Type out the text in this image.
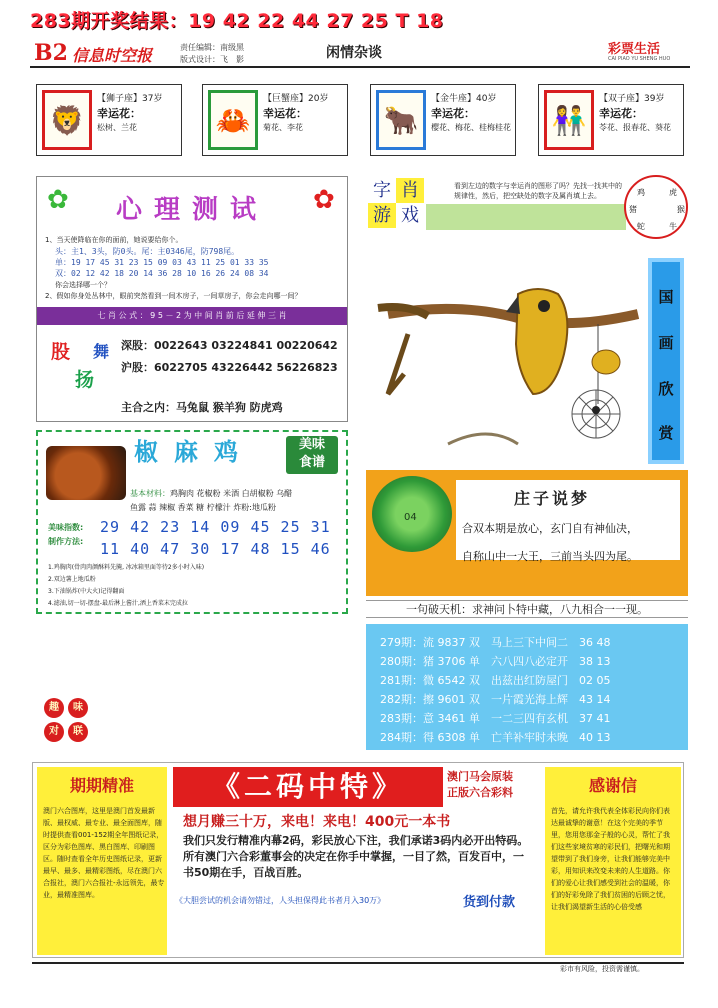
283期开奖结果：19 42 22 44 27 25 T 18
B2 信息时空报	责任编辑：南级黑
版式设计：飞　影	闲情杂谈	彩票生活
CAI PIAO YU SHENG HUO
🦁
【狮子座】37岁
幸运花：
松树、兰花	🦀
【巨蟹座】20岁
幸运花：
菊花、李花	🐂
【金牛座】40岁
幸运花：
樱花、梅花、桂梅桂花 👫
【双子座】39岁
幸运花：
苓花、报春花、葵花
✿	✿
心理测试
1、当天使降临在你的面前，她说要给你个。
头：主1、3头，防0头。尾：主0346尾，防798尾。
单：19 17 45 31 23 15 09 03 43 11 25 01 33 35
双：02 12 42 18 20 14 36 28 10 16 26 24 08 34
你会选择哪一个？
2、假如你身处丛林中，眼前突然看到一间木房子，一间草房子，你会走向哪一间？
七 肖 公 式 ： 9 5 － 2 为 中 间 肖 前 后 延 伸 三 肖
股 舞
扬
深股：0022643 03224841 00220642
沪股：6022705 43226442 56226823
主合之内：马兔鼠 猴羊狗 防虎鸡
椒麻鸡	美味
食谱
基本材料：鸡胸肉 花椒粉 米酒 白胡椒粉 乌醋
鱼露 蒜 辣椒 香菜 糖 柠檬汁 炸粉:地瓜粉
美味指数:
制作方法:
29 42 23 14 09 45 25 31
11 40 47 30 17 48 15 46
1.鸡胸肉(骨肉肉颜酥料先腌, 冰冰箱里面等待2多小时入味)
2.双边薯上地瓜粉
3.下油锅炸(中大火)记得翻面
4.滤油,切一切-摆盘-最后淋上酱汁,洒上香菜末完成拉
趣	味
对	联
字 肖
游 戏
看到左边的数字与幸运肖的图形了吗？先找一找其中的规律性，然后，把空缺处的数字及属肖填上去。	鸡	虎
猪	猴
蛇	牛
国
画
欣
赏
04
庄子说梦
合双本期是放心，玄门自有神仙决，
自称山中一大王，三前当头四为尾。
一句破天机：求神问卜特中藏，八九相合一一现。
279期：流 9837 双　 马上三下中间二　 36 48
280期：猪 3706 单　 六八四八必定开　 38 13
281期：微 6542 双　 出兹出红防屋门　 02 05
282期：擦 9601 双　 一片霞光海上辉　 43 14
283期：意 3461 单　 一二三四有玄机　 37 41
284期：得 6308 单　 亡羊补牢时未晚　 40 13
期期精准
澳门六合图库，这里是澳门首发最新版、最权威、最专业、最全面图库，随时提供查看001-152期全年图纸记录，区分为彩色图库、黑白图库、印刷图区。随时查看全年历史图纸记录，更新最早、最多、最精彩图纸，尽在澳门六合报社，澳门六合报社-永远领先，最专业，最精准图库。
《二码中特》	澳门马会原装
正版六合彩料
想月赚三十万，来电！来电！400元一本书
我们只发行精准内幕2码，彩民放心下注，我们承诺3码内必开出特码。所有澳门六合彩董事会的决定在你手中掌握，一目了然，百发百中，一书50期在手，百战百胜。
《大胆尝试的机会请勿错过，人头担保得此书者月入30万》	货到付款
感谢信
首先，请允许我代表全体彩民向你们表达最诚挚的谢意！在这个完美的季节里，您用您那金子般的心灵，帮忙了我们这些家境贫寒的彩民们，把曙光和期望带到了我们身旁，让我们能够完美中彩，用知识来改变未来的人生道路。你们的爱心让我们感受到社会的温暖，你们的好彩免除了我们贫困的后顾之忧，让我们渴望新生活的心倍受感
彩市有风险，投资需谨慎。
